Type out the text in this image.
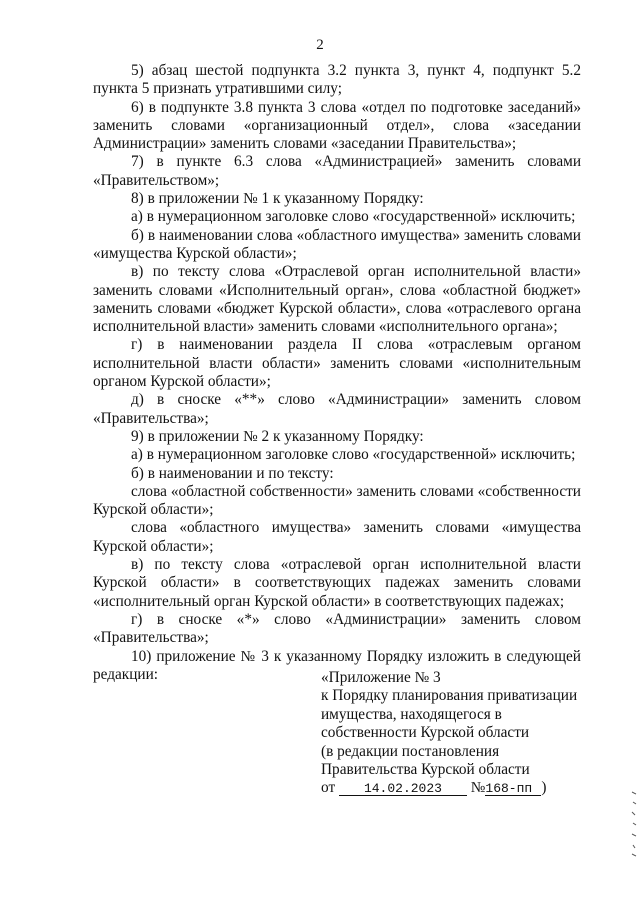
2

5) абзац шестой подпункта 3.2 пункта 3, пункт 4, подпункт 5.2 пункта 5 признать утратившими силу;

6) в подпункте 3.8 пункта 3 слова «отдел по подготовке заседаний» заменить словами «организационный отдел», слова «заседании Администрации» заменить словами «заседании Правительства»;

7) в пункте 6.3 слова «Администрацией» заменить словами «Правительством»;

8) в приложении № 1 к указанному Порядку:

а) в нумерационном заголовке слово «государственной» исключить;

б) в наименовании слова «областного имущества» заменить словами «имущества Курской области»;

в) по тексту слова «Отраслевой орган исполнительной власти» заменить словами «Исполнительный орган», слова «областной бюджет» заменить словами «бюджет Курской области», слова «отраслевого органа исполнительной власти» заменить словами «исполнительного органа»;

г) в наименовании раздела II слова «отраслевым органом исполнительной власти области» заменить словами «исполнительным органом Курской области»;

д) в сноске «**» слово «Администрации» заменить словом «Правительства»;

9) в приложении № 2 к указанному Порядку:

а) в нумерационном заголовке слово «государственной» исключить;

б) в наименовании и по тексту:

слова «областной собственности» заменить словами «собственности Курской области»;

слова «областного имущества» заменить словами «имущества Курской области»;

в) по тексту слова «отраслевой орган исполнительной власти Курской области» в соответствующих падежах заменить словами «исполнительный орган Курской области» в соответствующих падежах;

г) в сноске «*» слово «Администрации» заменить словом «Правительства»;

10) приложение № 3 к указанному Порядку изложить в следующей редакции:	«Приложение № 3
к Порядку планирования приватизации
имущества, находящегося в
собственности Курской области
(в редакции постановления
Правительства Курской области
от 14.02.2023 №168-пп )
